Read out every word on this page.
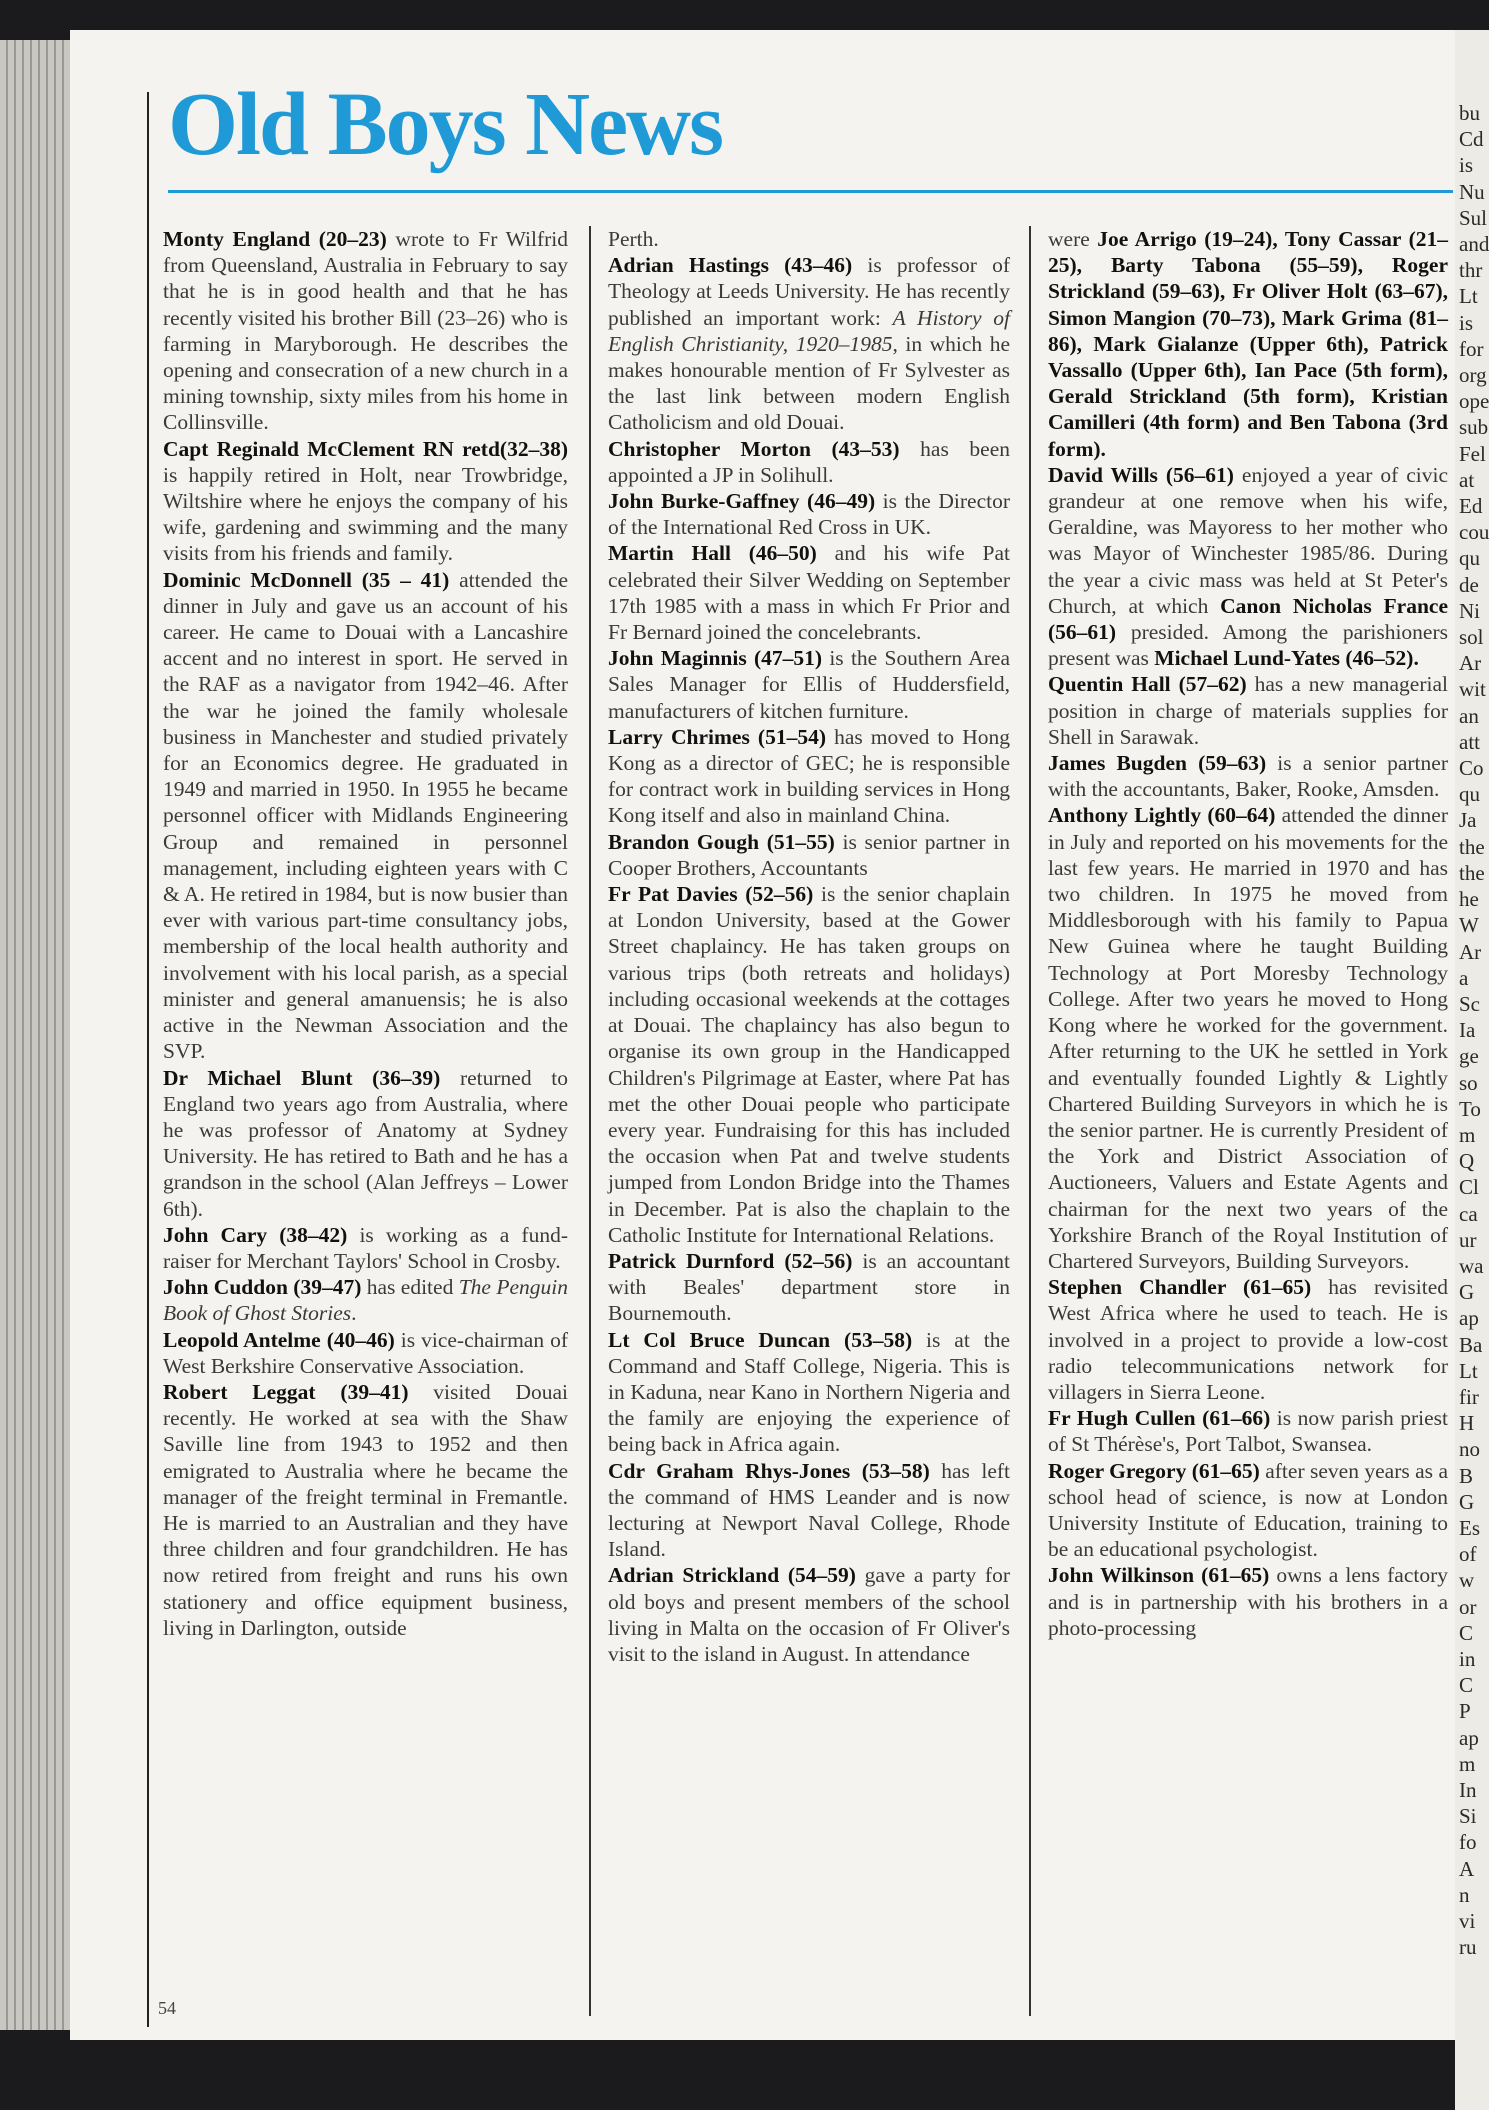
bu
Cd
is
Nu
Sul
and
thr
Lt
is
for
org
ope
sub
Fel
at
Ed
cou
qu
de
Ni
sol
Ar
wit
an
att
Co
qu
Ja
the
the
he
W
Ar
a
Sc
Ia
ge
so
To
m
Q
Cl
ca
ur
wa
G
ap
Ba
Lt
fir
H
no
B
G
Es
of
w
or
C
in
C
P
ap
m
In
Si
fo
A
n
vi
ru
Old Boys News

Monty England (20–23) wrote to Fr Wilfrid from Queensland, Australia in February to say that he is in good health and that he has recently visited his brother Bill (23–26) who is farming in Maryborough. He describes the opening and consecration of a new church in a mining township, sixty miles from his home in Collinsville.

Capt Reginald McClement RN retd(32–38) is happily retired in Holt, near Trowbridge, Wiltshire where he enjoys the company of his wife, gardening and swimming and the many visits from his friends and family.

Dominic McDonnell (35 – 41) attended the dinner in July and gave us an account of his career. He came to Douai with a Lancashire accent and no interest in sport. He served in the RAF as a navigator from 1942–46. After the war he joined the family wholesale business in Manchester and studied privately for an Economics degree. He graduated in 1949 and married in 1950. In 1955 he became personnel officer with Midlands Engineering Group and remained in personnel management, including eighteen years with C & A. He retired in 1984, but is now busier than ever with various part-time consultancy jobs, membership of the local health authority and involvement with his local parish, as a special minister and general amanuensis; he is also active in the Newman Association and the SVP.

Dr Michael Blunt (36–39) returned to England two years ago from Australia, where he was professor of Anatomy at Sydney University. He has retired to Bath and he has a grandson in the school (Alan Jeffreys – Lower 6th).

John Cary (38–42) is working as a fund-raiser for Merchant Taylors' School in Crosby.

John Cuddon (39–47) has edited The Penguin Book of Ghost Stories.

Leopold Antelme (40–46) is vice-chairman of West Berkshire Conservative Association.

Robert Leggat (39–41) visited Douai recently. He worked at sea with the Shaw Saville line from 1943 to 1952 and then emigrated to Australia where he became the manager of the freight terminal in Fremantle. He is married to an Australian and they have three children and four grandchildren. He has now retired from freight and runs his own stationery and office equipment business, living in Darlington, outside

Perth.

Adrian Hastings (43–46) is professor of Theology at Leeds University. He has recently published an important work: A History of English Christianity, 1920–1985, in which he makes honourable mention of Fr Sylvester as the last link between modern English Catholicism and old Douai.

Christopher Morton (43–53) has been appointed a JP in Solihull.

John Burke-Gaffney (46–49) is the Director of the International Red Cross in UK.

Martin Hall (46–50) and his wife Pat celebrated their Silver Wedding on September 17th 1985 with a mass in which Fr Prior and Fr Bernard joined the concelebrants.

John Maginnis (47–51) is the Southern Area Sales Manager for Ellis of Huddersfield, manufacturers of kitchen furniture.

Larry Chrimes (51–54) has moved to Hong Kong as a director of GEC; he is responsible for contract work in building services in Hong Kong itself and also in mainland China.

Brandon Gough (51–55) is senior partner in Cooper Brothers, Accountants

Fr Pat Davies (52–56) is the senior chaplain at London University, based at the Gower Street chaplaincy. He has taken groups on various trips (both retreats and holidays) including occasional weekends at the cottages at Douai. The chaplaincy has also begun to organise its own group in the Handicapped Children's Pilgrimage at Easter, where Pat has met the other Douai people who participate every year. Fundraising for this has included the occasion when Pat and twelve students jumped from London Bridge into the Thames in December. Pat is also the chaplain to the Catholic Institute for International Relations.

Patrick Durnford (52–56) is an accountant with Beales' department store in Bournemouth.

Lt Col Bruce Duncan (53–58) is at the Command and Staff College, Nigeria. This is in Kaduna, near Kano in Northern Nigeria and the family are enjoying the experience of being back in Africa again.

Cdr Graham Rhys-Jones (53–58) has left the command of HMS Leander and is now lecturing at Newport Naval College, Rhode Island.

Adrian Strickland (54–59) gave a party for old boys and present members of the school living in Malta on the occasion of Fr Oliver's visit to the island in August. In attendance

were Joe Arrigo (19–24), Tony Cassar (21–25), Barty Tabona (55–59), Roger Strickland (59–63), Fr Oliver Holt (63–67), Simon Mangion (70–73), Mark Grima (81–86), Mark Gialanze (Upper 6th), Patrick Vassallo (Upper 6th), Ian Pace (5th form), Gerald Strickland (5th form), Kristian Camilleri (4th form) and Ben Tabona (3rd form).

David Wills (56–61) enjoyed a year of civic grandeur at one remove when his wife, Geraldine, was Mayoress to her mother who was Mayor of Winchester 1985/86. During the year a civic mass was held at St Peter's Church, at which Canon Nicholas France (56–61) presided. Among the parishioners present was Michael Lund-Yates (46–52).

Quentin Hall (57–62) has a new managerial position in charge of materials supplies for Shell in Sarawak.

James Bugden (59–63) is a senior partner with the accountants, Baker, Rooke, Amsden.

Anthony Lightly (60–64) attended the dinner in July and reported on his movements for the last few years. He married in 1970 and has two children. In 1975 he moved from Middlesborough with his family to Papua New Guinea where he taught Building Technology at Port Moresby Technology College. After two years he moved to Hong Kong where he worked for the government. After returning to the UK he settled in York and eventually founded Lightly & Lightly Chartered Building Surveyors in which he is the senior partner. He is currently President of the York and District Association of Auctioneers, Valuers and Estate Agents and chairman for the next two years of the Yorkshire Branch of the Royal Institution of Chartered Surveyors, Building Surveyors.

Stephen Chandler (61–65) has revisited West Africa where he used to teach. He is involved in a project to provide a low-cost radio telecommunications network for villagers in Sierra Leone.

Fr Hugh Cullen (61–66) is now parish priest of St Thérèse's, Port Talbot, Swansea.

Roger Gregory (61–65) after seven years as a school head of science, is now at London University Institute of Education, training to be an educational psychologist.

John Wilkinson (61–65) owns a lens factory and is in partnership with his brothers in a photo-processing

54
